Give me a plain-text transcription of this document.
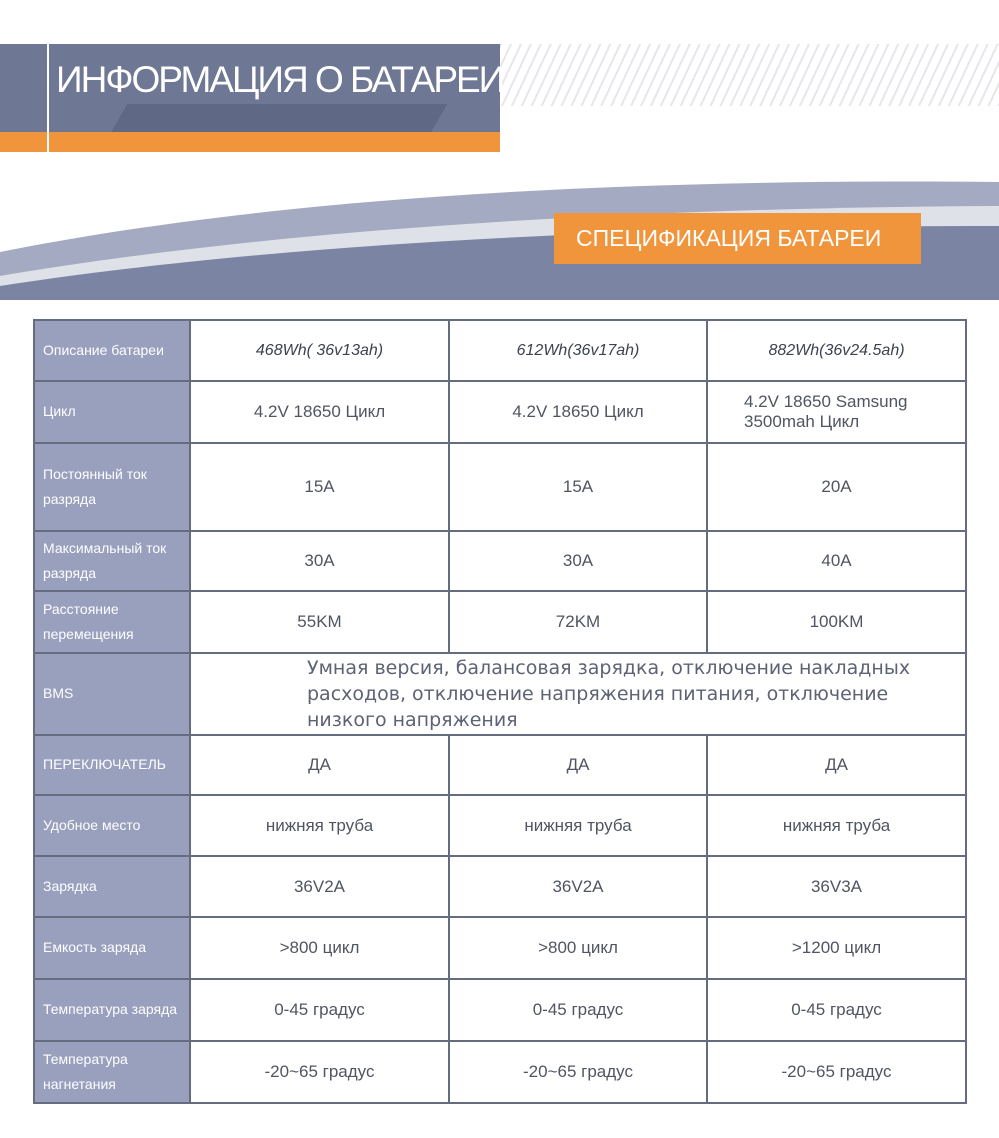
ИНФОРМАЦИЯ О БАТАРЕИ
СПЕЦИФИКАЦИЯ БАТАРЕИ
Описание батареи	468Wh( 36v13ah)	612Wh(36v17ah)	882Wh(36v24.5ah)
Цикл	4.2V 18650 Цикл	4.2V 18650 Цикл	4.2V 18650 Samsung 3500mah Цикл
Постоянный ток разряда	15A	15A	20A
Максимальный ток разряда	30A	30A	40A
Расстояние перемещения	55KM	72KM	100KM
BMS	Умная версия, балансовая зарядка, отключение накладных расходов, отключение напряжения питания, отключение низкого напряжения		
ПЕРЕКЛЮЧАТЕЛЬ	ДА	ДА	ДА
Удобное место	нижняя труба	нижняя труба	нижняя труба
Зарядка	36V2A	36V2A	36V3A
Емкость заряда	>800 цикл	>800 цикл	>1200 цикл
Температура заряда	0-45 градус	0-45 градус	0-45 градус
Температура нагнетания	-20~65 градус	-20~65 градус	-20~65 градус
